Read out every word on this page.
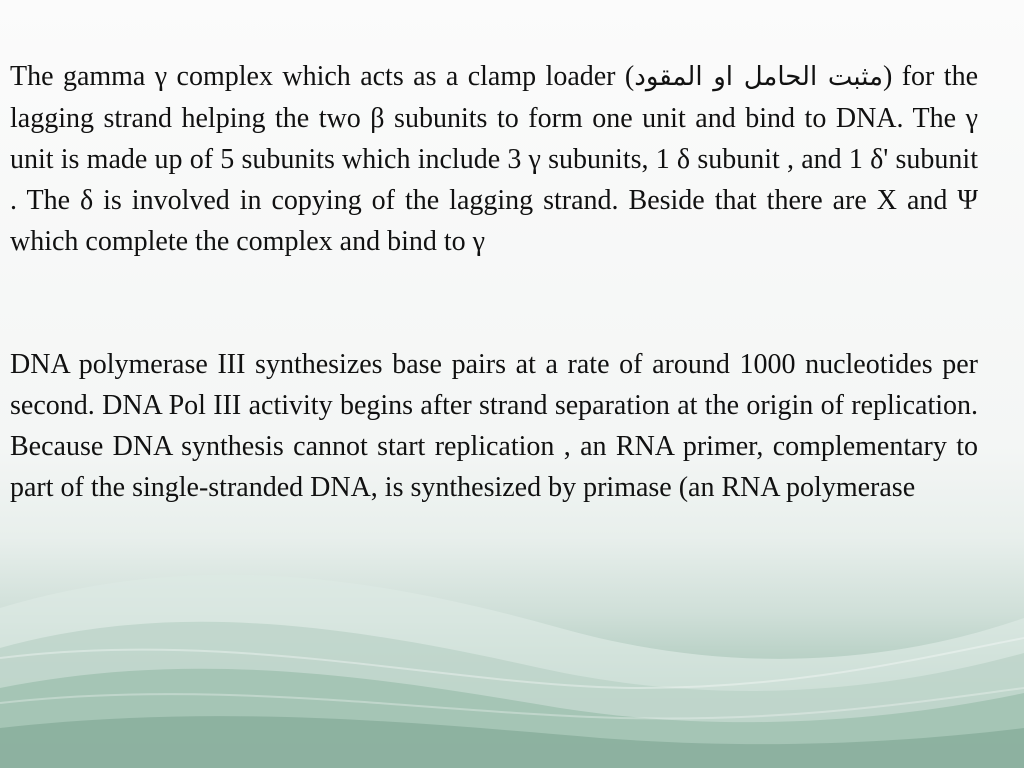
The gamma γ complex which acts as a clamp loader (مثبت الحامل او المقود) for the lagging strand helping the two β subunits to form one unit and bind to DNA. The γ unit is made up of 5 subunits which include 3 γ subunits, 1 δ subunit , and 1 δ' subunit . The δ is involved in copying of the lagging strand. Beside that there are X and Ψ which complete the complex and bind to γ

DNA polymerase III synthesizes base pairs at a rate of around 1000 nucleotides per second. DNA Pol III activity begins after strand separation at the origin of replication. Because DNA synthesis cannot start replication , an RNA primer, complementary to part of the single-stranded DNA, is synthesized by primase (an RNA polymerase
